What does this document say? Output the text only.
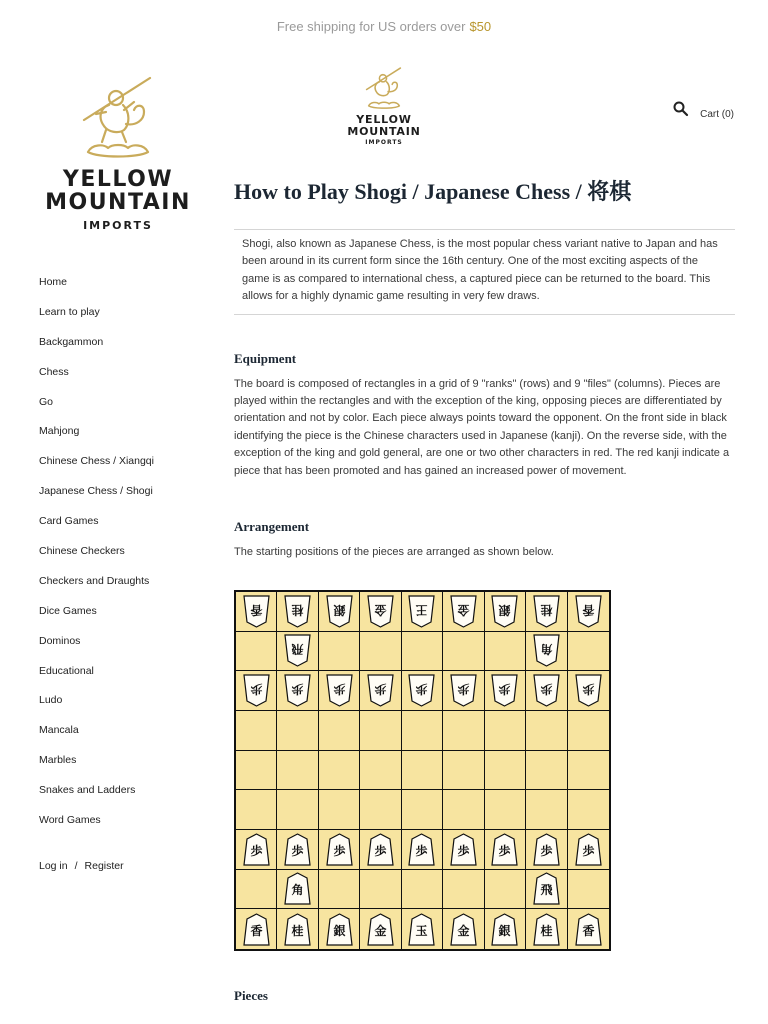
Free shipping for US orders over $50
YELLOW
MOUNTAIN
IMPORTS
YELLOW
MOUNTAIN
IMPORTS
Cart (0)
Home
Learn to play
Backgammon
Chess
Go
Mahjong
Chinese Chess / Xiangqi
Japanese Chess / Shogi
Card Games
Chinese Checkers
Checkers and Draughts
Dice Games
Dominos
Educational
Ludo
Mancala
Marbles
Snakes and Ladders
Word Games
Log in / Register
How to Play Shogi / Japanese Chess / 将棋

Shogi, also known as Japanese Chess, is the most popular chess variant native to Japan and has been around in its current form since the 16th century. One of the most exciting aspects of the game is as compared to international chess, a captured piece can be returned to the board. This allows for a highly dynamic game resulting in very few draws.

Equipment

The board is composed of rectangles in a grid of 9 "ranks" (rows) and 9 "files" (columns). Pieces are played within the rectangles and with the exception of the king, opposing pieces are differentiated by orientation and not by color. Each piece always points toward the opponent. On the front side in black identifying the piece is the Chinese characters used in Japanese (kanji). On the reverse side, with the exception of the king and gold general, are one or two other characters in red. The red kanji indicate a piece that has been promoted and has gained an increased power of movement.

Arrangement

The starting positions of the pieces are arranged as shown below.

香 桂 銀 金 王 金 銀 桂 香
飛	角
歩 歩 歩 歩 歩 歩 歩 歩 歩
歩 歩 歩 歩 歩 歩 歩 歩 歩
角	飛
香 桂 銀 金 玉 金 銀 桂 香
Pieces
